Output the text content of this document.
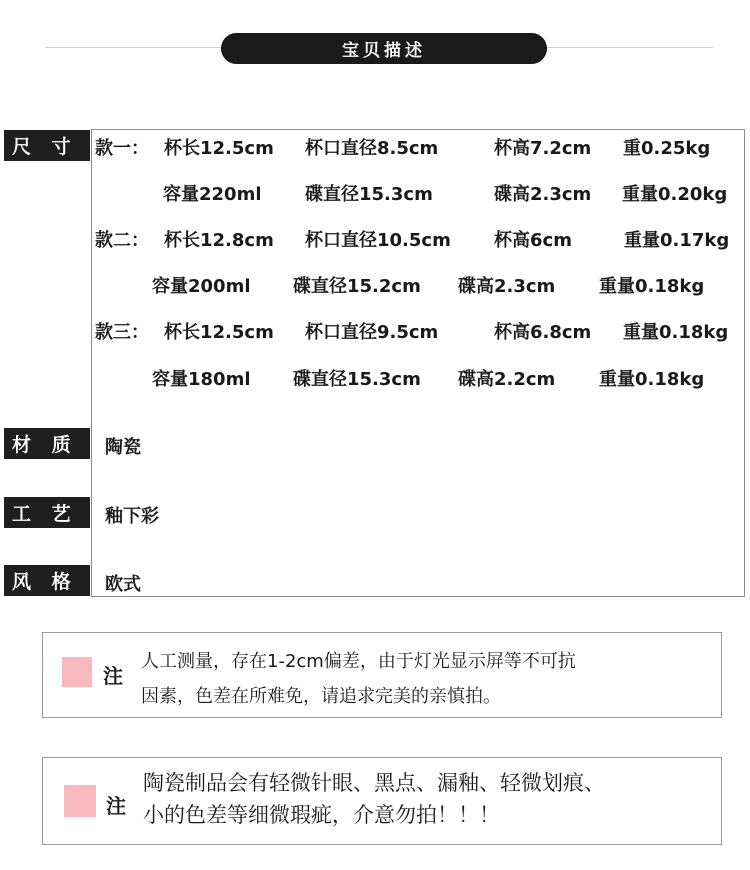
宝贝描述
尺 寸 款一： 杯长12.5cm 杯口直径8.5cm	杯高7.2cm 重0.25kg
容量220ml 碟直径15.3cm	碟高2.3cm 重量0.20kg
款二： 杯长12.8cm 杯口直径10.5cm 杯高6cm	重量0.17kg
容量200ml 碟直径15.2cm 碟高2.3cm 重量0.18kg
款三： 杯长12.5cm 杯口直径9.5cm	杯高6.8cm 重量0.18kg
容量180ml 碟直径15.3cm 碟高2.2cm 重量0.18kg
材 质 陶瓷
工 艺 釉下彩
风 格 欧式
注
人工测量，存在1-2cm偏差，由于灯光显示屏等不可抗
因素，色差在所难免，请追求完美的亲慎拍。
注
陶瓷制品会有轻微针眼、黑点、漏釉、轻微划痕、
小的色差等细微瑕疵，介意勿拍！！！
